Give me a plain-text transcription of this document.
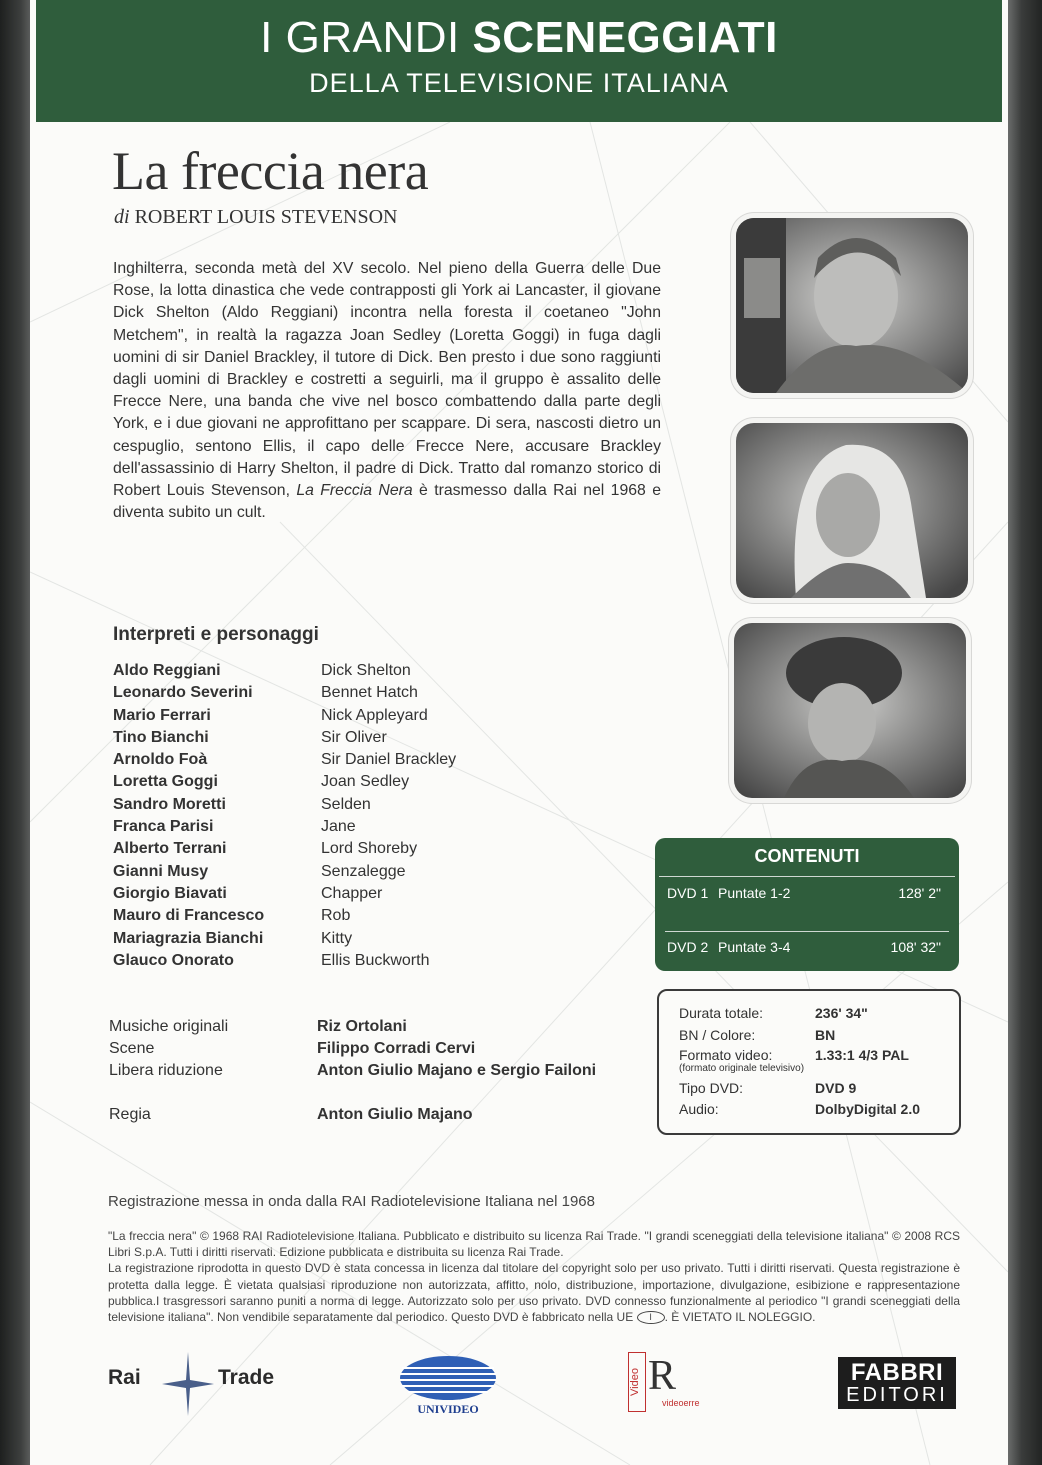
I GRANDI SCENEGGIATI
DELLA TELEVISIONE ITALIANA
La freccia nera
di ROBERT LOUIS STEVENSON
Inghilterra, seconda metà del XV secolo. Nel pieno della Guerra delle Due Rose, la lotta dinastica che vede contrapposti gli York ai Lancaster, il giovane Dick Shelton (Aldo Reggiani) incontra nella foresta il coetaneo "John Metchem", in realtà la ragazza Joan Sedley (Loretta Goggi) in fuga dagli uomini di sir Daniel Brackley, il tutore di Dick. Ben presto i due sono raggiunti dagli uomini di Brackley e costretti a seguirli, ma il gruppo è assalito delle Frecce Nere, una banda che vive nel bosco combattendo dalla parte degli York, e i due giovani ne approfittano per scappare. Di sera, nascosti dietro un cespuglio, sentono Ellis, il capo delle Frecce Nere, accusare Brackley dell'assassinio di Harry Shelton, il padre di Dick. Tratto dal romanzo storico di Robert Louis Stevenson, La Freccia Nera è trasmesso dalla Rai nel 1968 e diventa subito un cult.
Interpreti e personaggi
Aldo Reggiani	Dick Shelton
Leonardo Severini	Bennet Hatch
Mario Ferrari	Nick Appleyard
Tino Bianchi	Sir Oliver
Arnoldo Foà	Sir Daniel Brackley
Loretta Goggi	Joan Sedley
Sandro Moretti	Selden
Franca Parisi	Jane
Alberto Terrani	Lord Shoreby
Gianni Musy	Senzalegge
Giorgio Biavati	Chapper
Mauro di Francesco	Rob
Mariagrazia Bianchi	Kitty
Glauco Onorato	Ellis Buckworth
Musiche originali	Riz Ortolani
Scene	Filippo Corradi Cervi
Libera riduzione	Anton Giulio Majano e Sergio Failoni
Regia	Anton Giulio Majano
CONTENUTI
DVD 1 Puntate 1-2	128' 2"
DVD 2 Puntate 3-4	108' 32"
Durata totale:	236' 34"
BN / Colore:	BN
Formato video:
(formato originale televisivo)
1.33:1 4/3 PAL
Tipo DVD:	DVD 9
Audio:	DolbyDigital 2.0
Registrazione messa in onda dalla RAI Radiotelevisione Italiana nel 1968

"La freccia nera" © 1968 RAI Radiotelevisione Italiana. Pubblicato e distribuito su licenza Rai Trade. "I grandi sceneggiati della televisione italiana" © 2008 RCS Libri S.p.A. Tutti i diritti riservati. Edizione pubblicata e distribuita su licenza Rai Trade.

La registrazione riprodotta in questo DVD è stata concessa in licenza dal titolare del copyright solo per uso privato. Tutti i diritti riservati. Questa registrazione è protetta dalla legge. È vietata qualsiasi riproduzione non autorizzata, affitto, nolo, distribuzione, importazione, divulgazione, esibizione e rappresentazione pubblica.I trasgressori saranno puniti a norma di legge. Autorizzato solo per uso privato. DVD connesso funzionalmente al periodico "I grandi sceneggiati della televisione italiana". Non vendibile separatamente dal periodico. Questo DVD è fabbricato nella UE I . È VIETATO IL NOLEGGIO.

Rai	Trade
UNIVIDEO
Video R
videoerre
FABBRI
EDITORI
